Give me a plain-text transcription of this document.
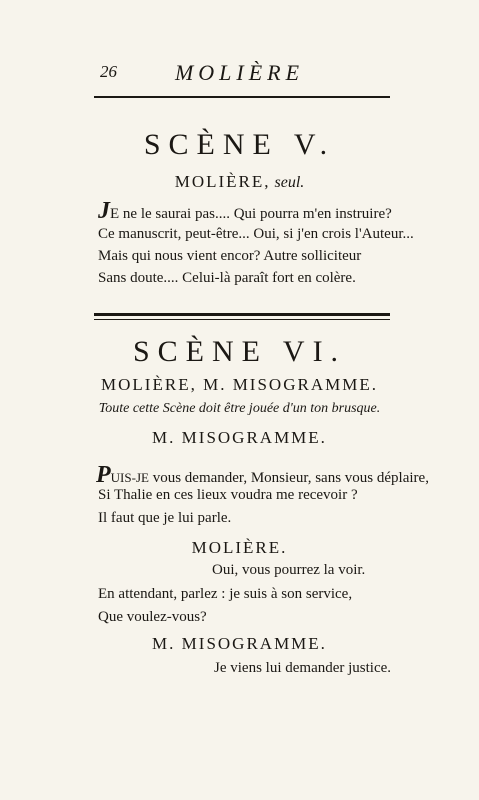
26	MOLIÈRE
SCÈNE V.
MOLIÈRE, seul.
JE ne le saurai pas.... Qui pourra m'en instruire?
Ce manuscrit, peut-être... Oui, si j'en crois l'Auteur...
Mais qui nous vient encor? Autre solliciteur
Sans doute.... Celui-là paraît fort en colère.
SCÈNE VI.
MOLIÈRE, M. MISOGRAMME.
Toute cette Scène doit être jouée d'un ton brusque.
M. MISOGRAMME.
PUIS-JE vous demander, Monsieur, sans vous déplaire,
Si Thalie en ces lieux voudra me recevoir ?
Il faut que je lui parle.
MOLIÈRE.
Oui, vous pourrez la voir.
En attendant, parlez : je suis à son service,
Que voulez-vous?
M. MISOGRAMME.
Je viens lui demander justice.
